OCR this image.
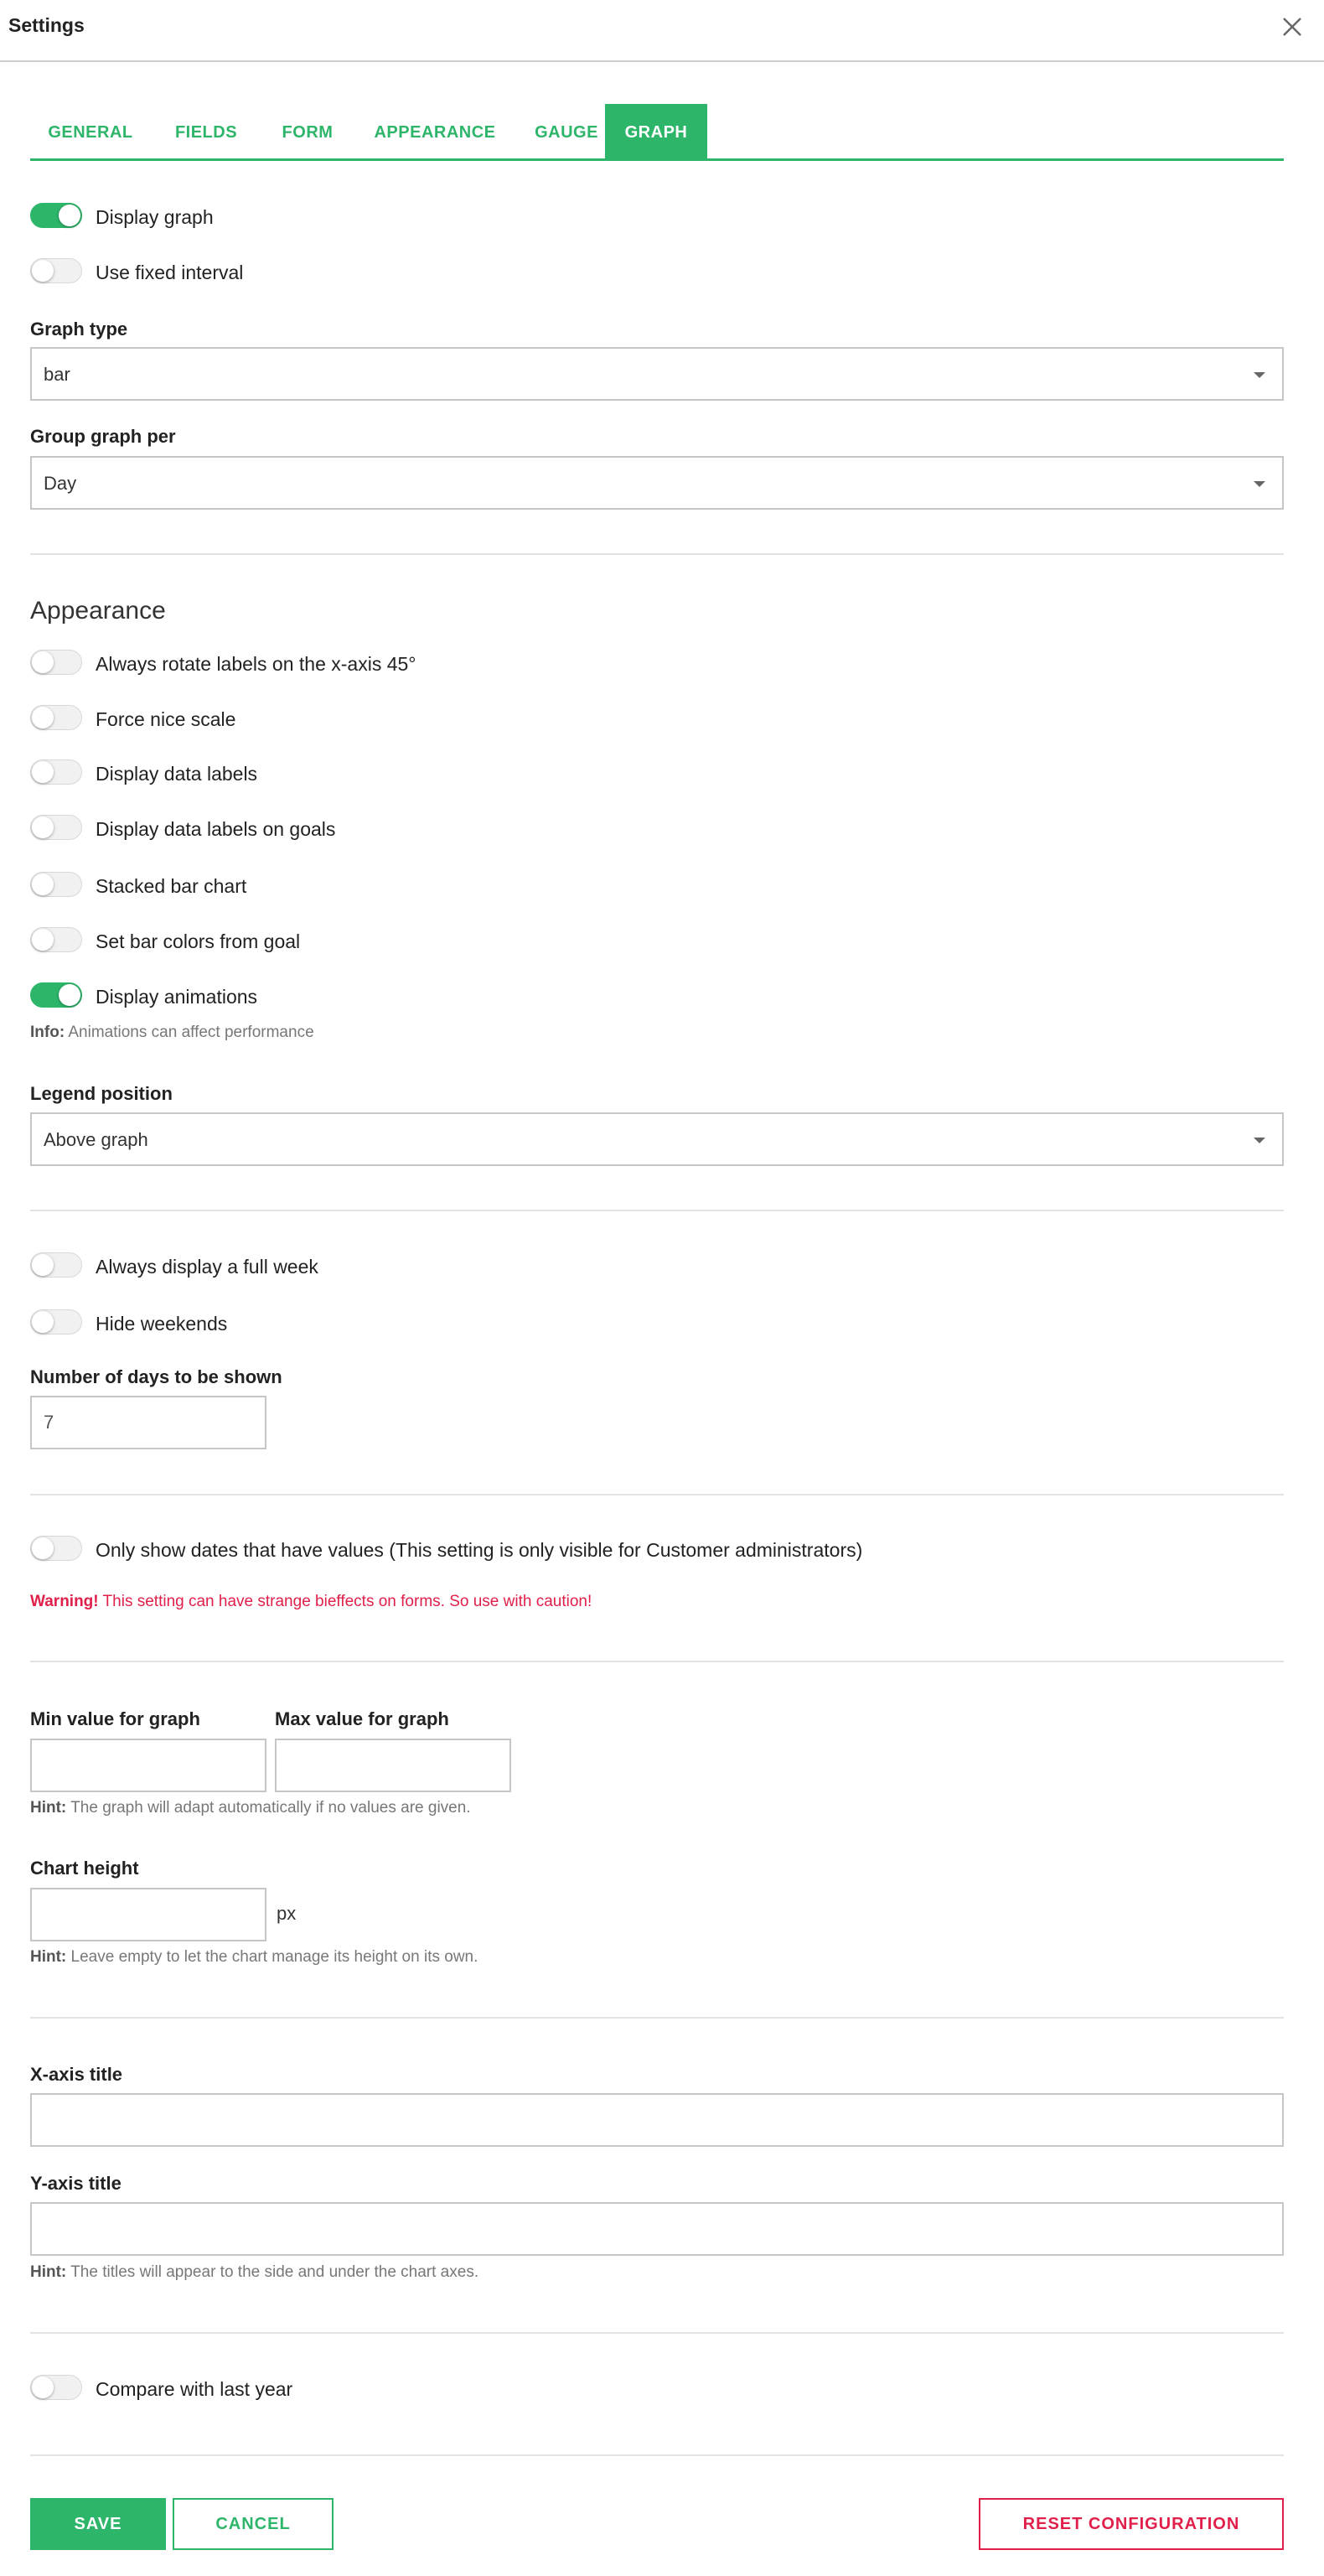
Settings
GENERAL	FIELDS	FORM	APPEARANCE	GAUGE	GRAPH
Display graph
Use fixed interval
Graph type
bar
Group graph per
Day
Appearance
Always rotate labels on the x-axis 45°
Force nice scale
Display data labels
Display data labels on goals
Stacked bar chart
Set bar colors from goal
Display animations
Info: Animations can affect performance
Legend position
Above graph
Always display a full week
Hide weekends
Number of days to be shown
7
Only show dates that have values (This setting is only visible for Customer administrators)
Warning! This setting can have strange bieffects on forms. So use with caution!
Min value for graph	Max value for graph
Hint: The graph will adapt automatically if no values are given.
Chart height
px
Hint: Leave empty to let the chart manage its height on its own.
X-axis title
Y-axis title
Hint: The titles will appear to the side and under the chart axes.
Compare with last year
SAVE	CANCEL	RESET CONFIGURATION
